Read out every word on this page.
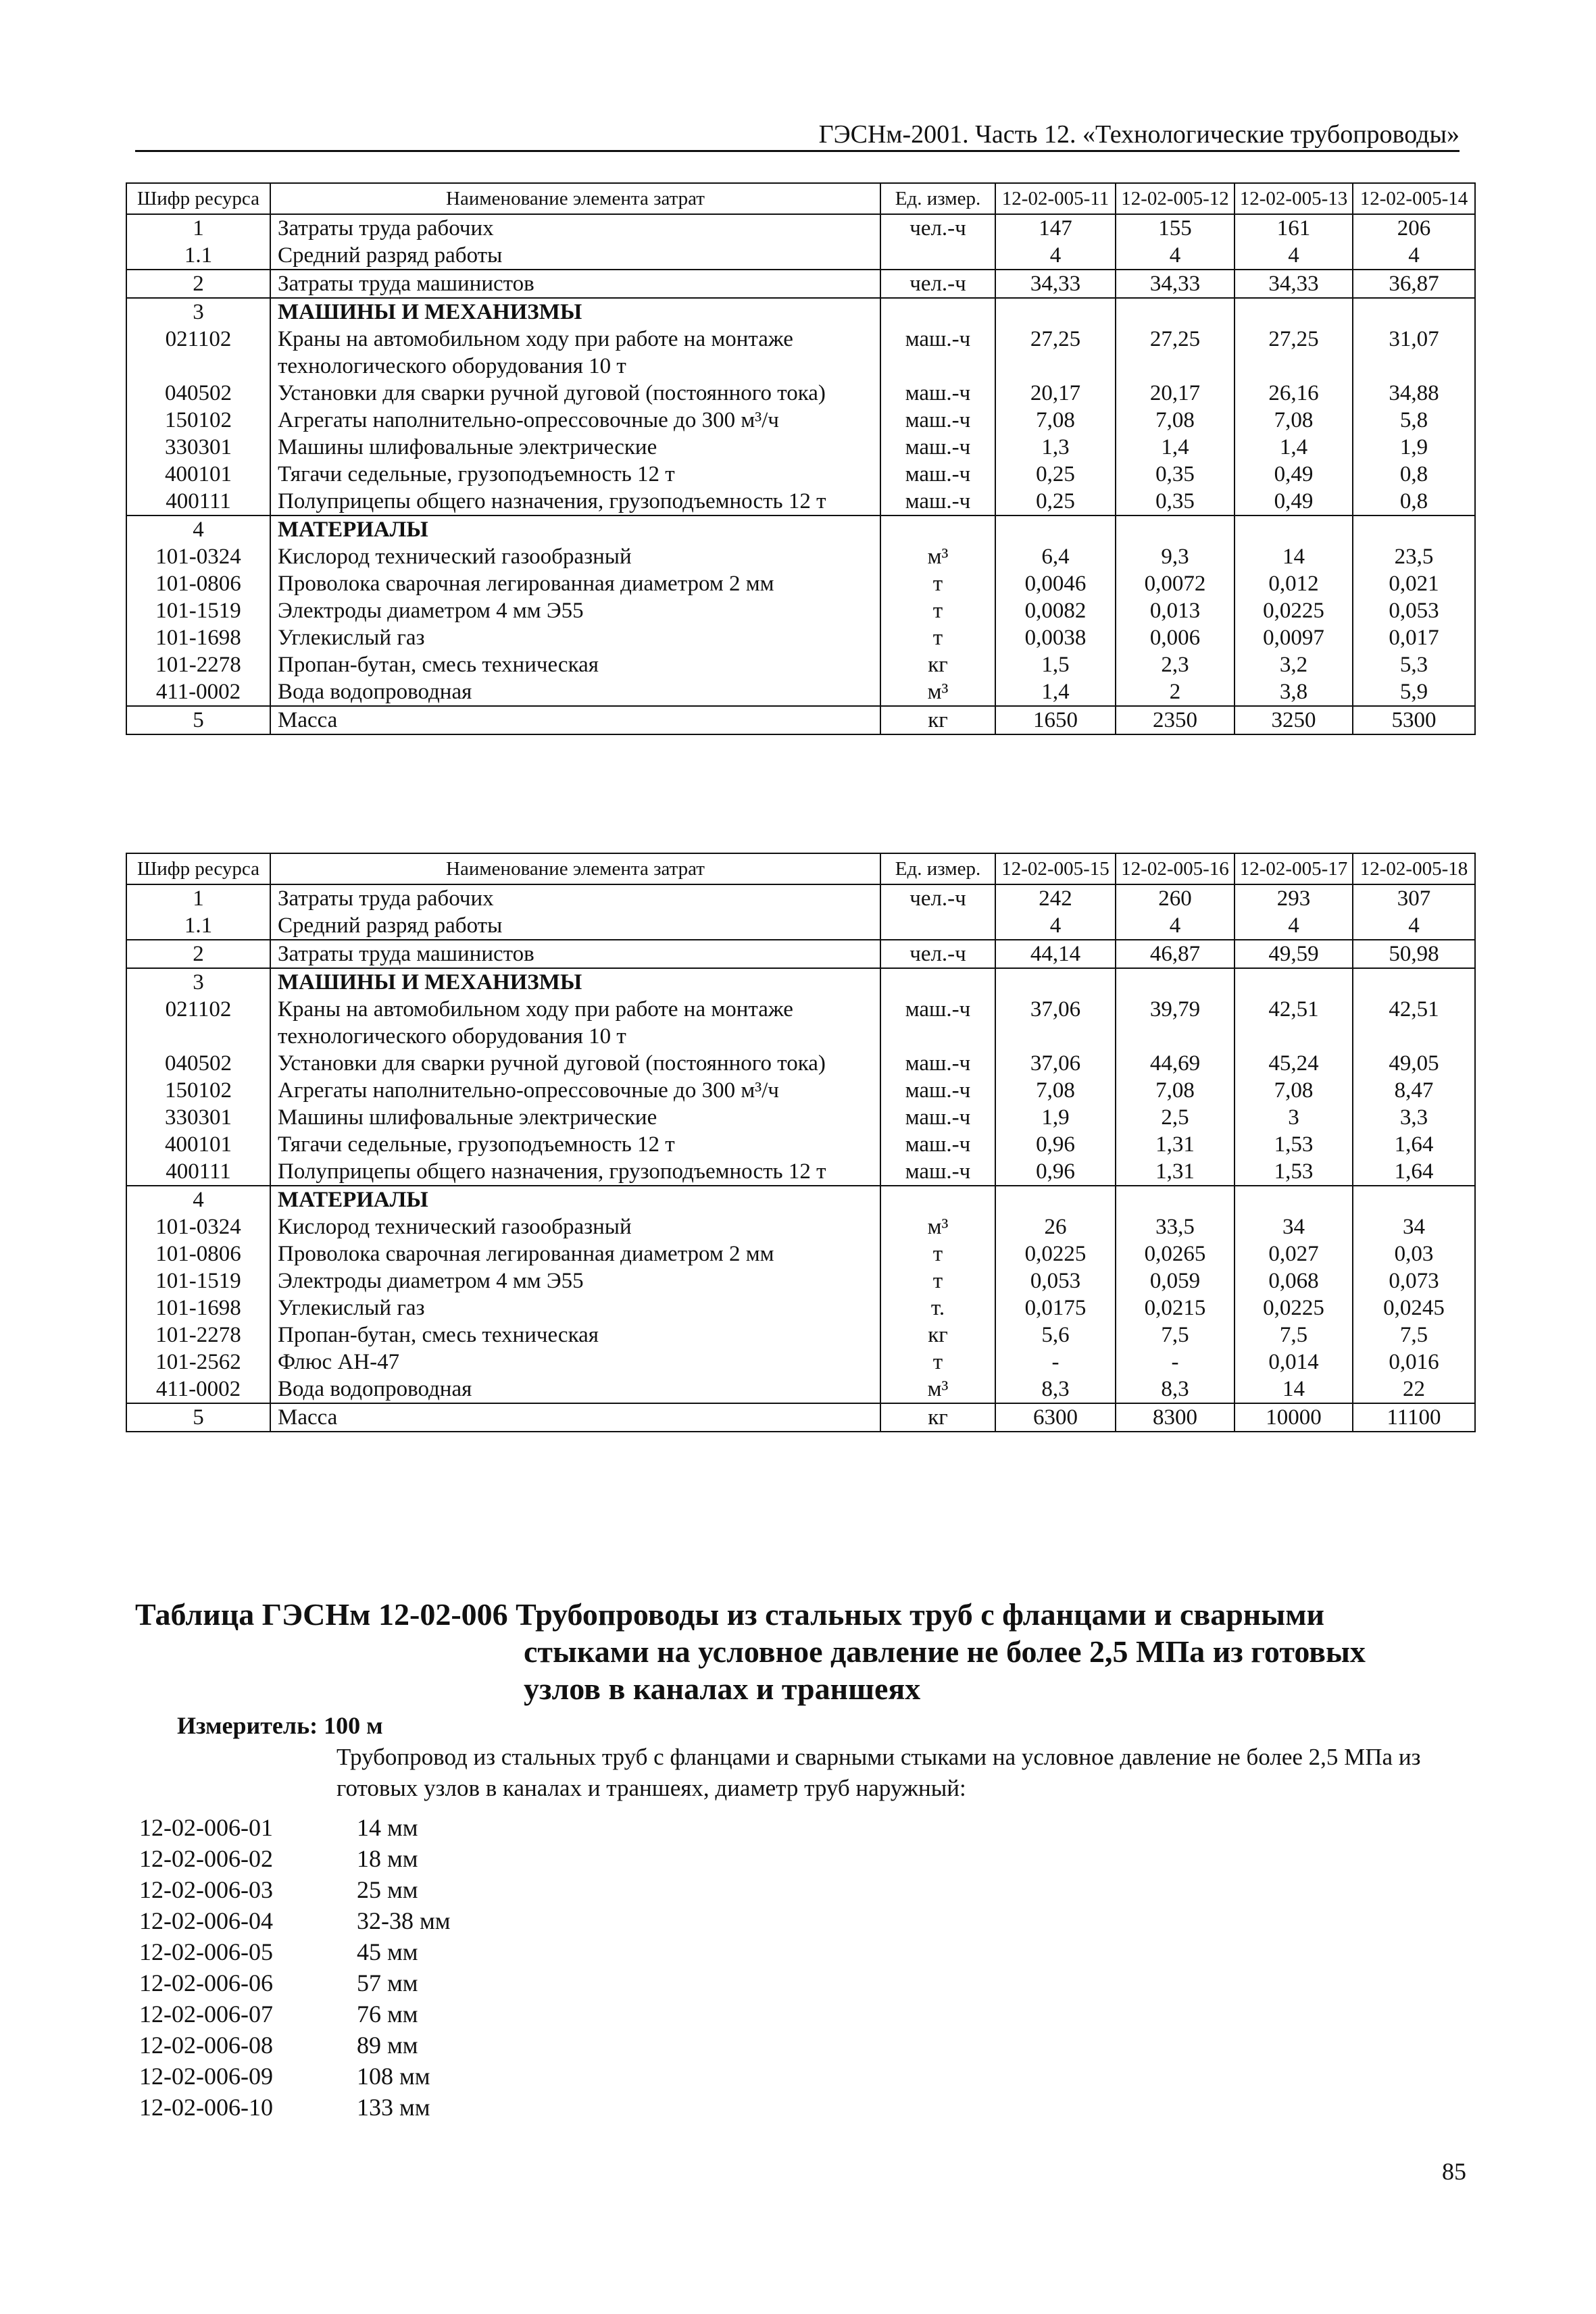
ГЭСНм-2001. Часть 12. «Технологические трубопроводы»
Шифр ресурса	Наименование элемента затрат	Ед. измер.	12-02-005-11	12-02-005-12	12-02-005-13	12-02-005-14
1	Затраты труда рабочих	чел.-ч	147	155	161	206
1.1	Средний разряд работы		4	4	4	4
2	Затраты труда машинистов	чел.-ч	34,33	34,33	34,33	36,87
3	МАШИНЫ И МЕХАНИЗМЫ					
021102	Краны на автомобильном ходу при работе на монтаже технологического оборудования 10 т	маш.-ч	27,25	27,25	27,25	31,07
040502	Установки для сварки ручной дуговой (постоянного тока)	маш.-ч	20,17	20,17	26,16	34,88
150102	Агрегаты наполнительно-опрессовочные до 300 м³/ч	маш.-ч	7,08	7,08	7,08	5,8
330301	Машины шлифовальные электрические	маш.-ч	1,3	1,4	1,4	1,9
400101	Тягачи седельные, грузоподъемность 12 т	маш.-ч	0,25	0,35	0,49	0,8
400111	Полуприцепы общего назначения, грузоподъемность 12 т	маш.-ч	0,25	0,35	0,49	0,8
4	МАТЕРИАЛЫ					
101-0324	Кислород технический газообразный	м³	6,4	9,3	14	23,5
101-0806	Проволока сварочная легированная диаметром 2 мм	т	0,0046	0,0072	0,012	0,021
101-1519	Электроды диаметром 4 мм Э55	т	0,0082	0,013	0,0225	0,053
101-1698	Углекислый газ	т	0,0038	0,006	0,0097	0,017
101-2278	Пропан-бутан, смесь техническая	кг	1,5	2,3	3,2	5,3
411-0002	Вода водопроводная	м³	1,4	2	3,8	5,9
5	Масса	кг	1650	2350	3250	5300
Шифр ресурса	Наименование элемента затрат	Ед. измер.	12-02-005-15	12-02-005-16	12-02-005-17	12-02-005-18
1	Затраты труда рабочих	чел.-ч	242	260	293	307
1.1	Средний разряд работы		4	4	4	4
2	Затраты труда машинистов	чел.-ч	44,14	46,87	49,59	50,98
3	МАШИНЫ И МЕХАНИЗМЫ					
021102	Краны на автомобильном ходу при работе на монтаже технологического оборудования 10 т	маш.-ч	37,06	39,79	42,51	42,51
040502	Установки для сварки ручной дуговой (постоянного тока)	маш.-ч	37,06	44,69	45,24	49,05
150102	Агрегаты наполнительно-опрессовочные до 300 м³/ч	маш.-ч	7,08	7,08	7,08	8,47
330301	Машины шлифовальные электрические	маш.-ч	1,9	2,5	3	3,3
400101	Тягачи седельные, грузоподъемность 12 т	маш.-ч	0,96	1,31	1,53	1,64
400111	Полуприцепы общего назначения, грузоподъемность 12 т	маш.-ч	0,96	1,31	1,53	1,64
4	МАТЕРИАЛЫ					
101-0324	Кислород технический газообразный	м³	26	33,5	34	34
101-0806	Проволока сварочная легированная диаметром 2 мм	т	0,0225	0,0265	0,027	0,03
101-1519	Электроды диаметром 4 мм Э55	т	0,053	0,059	0,068	0,073
101-1698	Углекислый газ	т.	0,0175	0,0215	0,0225	0,0245
101-2278	Пропан-бутан, смесь техническая	кг	5,6	7,5	7,5	7,5
101-2562	Флюс АН-47	т	-	-	0,014	0,016
411-0002	Вода водопроводная	м³	8,3	8,3	14	22
5	Масса	кг	6300	8300	10000	11100
Таблица ГЭСНм 12-02-006 Трубопроводы из стальных труб с фланцами и сварными
стыками на условное давление не более 2,5 МПа из готовых
узлов в каналах и траншеях
Измеритель: 100 м
Трубопровод из стальных труб с фланцами и сварными стыками на условное давление не более 2,5 МПа из готовых узлов в каналах и траншеях, диаметр труб наружный:
12-02-006-01	14 мм
12-02-006-02	18 мм
12-02-006-03	25 мм
12-02-006-04	32-38 мм
12-02-006-05	45 мм
12-02-006-06	57 мм
12-02-006-07	76 мм
12-02-006-08	89 мм
12-02-006-09	108 мм
12-02-006-10	133 мм
85
